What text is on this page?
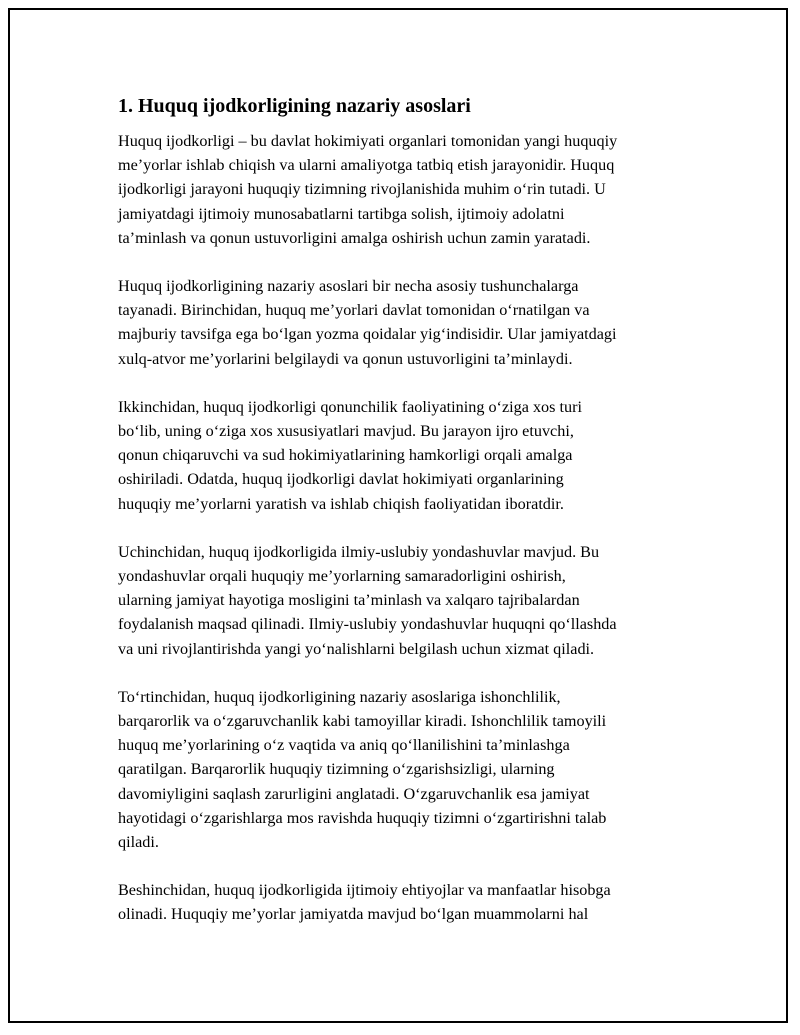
1. Huquq ijodkorligining nazariy asoslari

Huquq ijodkorligi – bu davlat hokimiyati organlari tomonidan yangi huquqiy
me’yorlar ishlab chiqish va ularni amaliyotga tatbiq etish jarayonidir. Huquq
ijodkorligi jarayoni huquqiy tizimning rivojlanishida muhim o‘rin tutadi. U
jamiyatdagi ijtimoiy munosabatlarni tartibga solish, ijtimoiy adolatni
ta’minlash va qonun ustuvorligini amalga oshirish uchun zamin yaratadi.

Huquq ijodkorligining nazariy asoslari bir necha asosiy tushunchalarga
tayanadi. Birinchidan, huquq me’yorlari davlat tomonidan o‘rnatilgan va
majburiy tavsifga ega bo‘lgan yozma qoidalar yig‘indisidir. Ular jamiyatdagi
xulq-atvor me’yorlarini belgilaydi va qonun ustuvorligini ta’minlaydi.

Ikkinchidan, huquq ijodkorligi qonunchilik faoliyatining o‘ziga xos turi
bo‘lib, uning o‘ziga xos xususiyatlari mavjud. Bu jarayon ijro etuvchi,
qonun chiqaruvchi va sud hokimiyatlarining hamkorligi orqali amalga
oshiriladi. Odatda, huquq ijodkorligi davlat hokimiyati organlarining
huquqiy me’yorlarni yaratish va ishlab chiqish faoliyatidan iboratdir.

Uchinchidan, huquq ijodkorligida ilmiy-uslubiy yondashuvlar mavjud. Bu
yondashuvlar orqali huquqiy me’yorlarning samaradorligini oshirish,
ularning jamiyat hayotiga mosligini ta’minlash va xalqaro tajribalardan
foydalanish maqsad qilinadi. Ilmiy-uslubiy yondashuvlar huquqni qo‘llashda
va uni rivojlantirishda yangi yo‘nalishlarni belgilash uchun xizmat qiladi.

To‘rtinchidan, huquq ijodkorligining nazariy asoslariga ishonchlilik,
barqarorlik va o‘zgaruvchanlik kabi tamoyillar kiradi. Ishonchlilik tamoyili
huquq me’yorlarining o‘z vaqtida va aniq qo‘llanilishini ta’minlashga
qaratilgan. Barqarorlik huquqiy tizimning o‘zgarishsizligi, ularning
davomiyligini saqlash zarurligini anglatadi. O‘zgaruvchanlik esa jamiyat
hayotidagi o‘zgarishlarga mos ravishda huquqiy tizimni o‘zgartirishni talab
qiladi.

Beshinchidan, huquq ijodkorligida ijtimoiy ehtiyojlar va manfaatlar hisobga
olinadi. Huquqiy me’yorlar jamiyatda mavjud bo‘lgan muammolarni hal
